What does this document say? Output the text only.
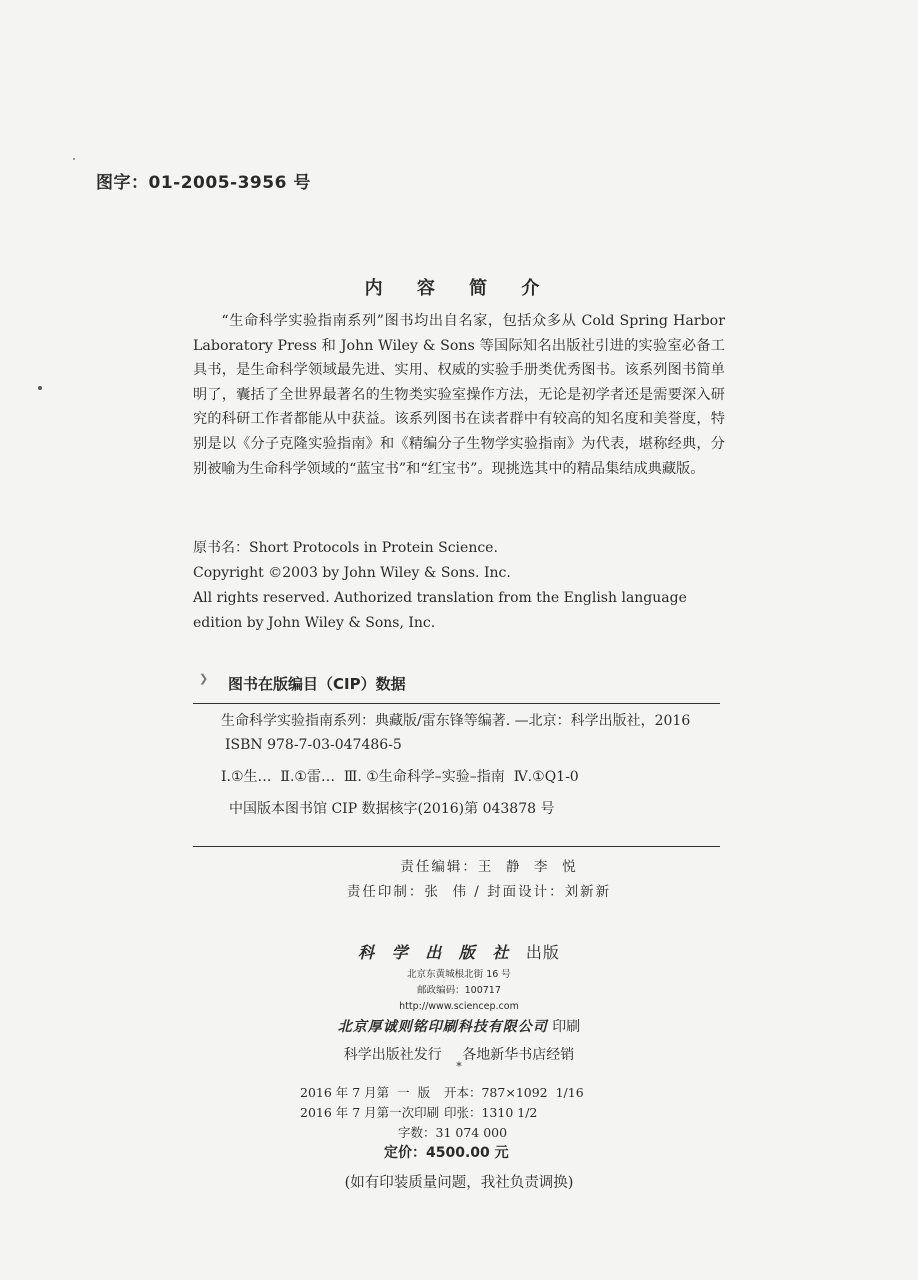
图字：01-2005-3956 号
内 容 简 介
“生命科学实验指南系列”图书均出自名家，包括众多从 Cold Spring Harbor Laboratory Press 和 John Wiley & Sons 等国际知名出版社引进的实验室必备工具书，是生命科学领域最先进、实用、权威的实验手册类优秀图书。该系列图书简单明了，囊括了全世界最著名的生物类实验室操作方法，无论是初学者还是需要深入研究的科研工作者都能从中获益。该系列图书在读者群中有较高的知名度和美誉度，特别是以《分子克隆实验指南》和《精编分子生物学实验指南》为代表，堪称经典，分别被喻为生命科学领域的“蓝宝书”和“红宝书”。现挑选其中的精品集结成典藏版。
原书名：Short Protocols in Protein Science.
Copyright ©2003 by John Wiley & Sons. Inc.
All rights reserved. Authorized translation from the English language edition by John Wiley & Sons, Inc.
❯ 图书在版编目（CIP）数据
生命科学实验指南系列：典藏版/雷东锋等编著. —北京：科学出版社，2016
ISBN 978-7-03-047486-5
Ⅰ.①生…  Ⅱ.①雷…  Ⅲ. ①生命科学–实验–指南  Ⅳ.①Q1-0
中国版本图书馆 CIP 数据核字(2016)第 043878 号
责任编辑：王  静  李  悦
责任印制：张  伟 / 封面设计：刘新新
科 学 出 版 社 出版
北京东黄城根北街 16 号
邮政编码：100717
http://www.sciencep.com
北京厚诚则铭印刷科技有限公司 印刷
科学出版社发行 各地新华书店经销
*
2016 年 7 月第  一  版 开本：787×1092  1/16
2016 年 7 月第一次印刷 印张：1310 1/2
字数：31 074 000
定价：4500.00 元
(如有印装质量问题，我社负责调换)
